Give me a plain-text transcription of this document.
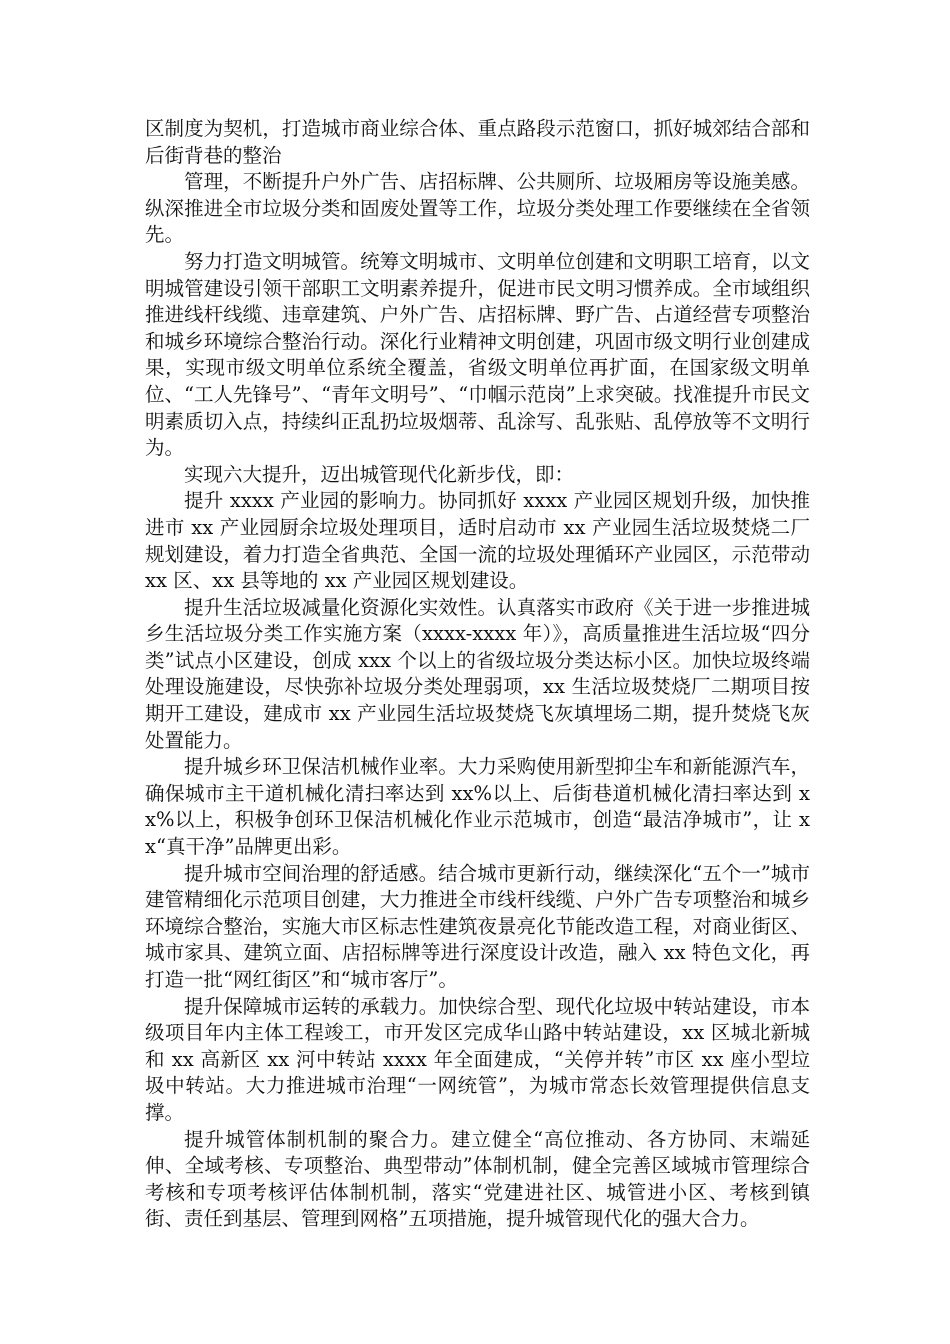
区制度为契机，打造城市商业综合体、重点路段示范窗口，抓好城郊结合部和后街背巷的整治

管理，不断提升户外广告、店招标牌、公共厕所、垃圾厢房等设施美感。纵深推进全市垃圾分类和固废处置等工作，垃圾分类处理工作要继续在全省领先。

努力打造文明城管。统筹文明城市、文明单位创建和文明职工培育，以文明城管建设引领干部职工文明素养提升，促进市民文明习惯养成。全市域组织推进线杆线缆、违章建筑、户外广告、店招标牌、野广告、占道经营专项整治和城乡环境综合整治行动。深化行业精神文明创建，巩固市级文明行业创建成果，实现市级文明单位系统全覆盖，省级文明单位再扩面，在国家级文明单位、“工人先锋号”、“青年文明号”、“巾帼示范岗”上求突破。找准提升市民文明素质切入点，持续纠正乱扔垃圾烟蒂、乱涂写、乱张贴、乱停放等不文明行为。

实现六大提升，迈出城管现代化新步伐，即：

提升 xxxx 产业园的影响力。协同抓好 xxxx 产业园区规划升级，加快推进市 xx 产业园厨余垃圾处理项目，适时启动市 xx 产业园生活垃圾焚烧二厂规划建设，着力打造全省典范、全国一流的垃圾处理循环产业园区，示范带动 xx 区、xx 县等地的 xx 产业园区规划建设。

提升生活垃圾减量化资源化实效性。认真落实市政府《关于进一步推进城乡生活垃圾分类工作实施方案（xxxx-xxxx 年）》，高质量推进生活垃圾“四分类”试点小区建设，创成 xxx 个以上的省级垃圾分类达标小区。加快垃圾终端处理设施建设，尽快弥补垃圾分类处理弱项，xx 生活垃圾焚烧厂二期项目按期开工建设，建成市 xx 产业园生活垃圾焚烧飞灰填埋场二期，提升焚烧飞灰处置能力。

提升城乡环卫保洁机械作业率。大力采购使用新型抑尘车和新能源汽车，确保城市主干道机械化清扫率达到 xx%以上、后街巷道机械化清扫率达到 xx%以上，积极争创环卫保洁机械化作业示范城市，创造“最洁净城市”，让 xx“真干净”品牌更出彩。

提升城市空间治理的舒适感。结合城市更新行动，继续深化“五个一”城市建管精细化示范项目创建，大力推进全市线杆线缆、户外广告专项整治和城乡环境综合整治，实施大市区标志性建筑夜景亮化节能改造工程，对商业街区、城市家具、建筑立面、店招标牌等进行深度设计改造，融入 xx 特色文化，再打造一批“网红街区”和“城市客厅”。

提升保障城市运转的承载力。加快综合型、现代化垃圾中转站建设，市本级项目年内主体工程竣工，市开发区完成华山路中转站建设，xx 区城北新城和 xx 高新区 xx 河中转站 xxxx 年全面建成，“关停并转”市区 xx 座小型垃圾中转站。大力推进城市治理“一网统管”，为城市常态长效管理提供信息支撑。

提升城管体制机制的聚合力。建立健全“高位推动、各方协同、末端延伸、全域考核、专项整治、典型带动”体制机制，健全完善区域城市管理综合考核和专项考核评估体制机制，落实“党建进社区、城管进小区、考核到镇街、责任到基层、管理到网格”五项措施，提升城管现代化的强大合力。
